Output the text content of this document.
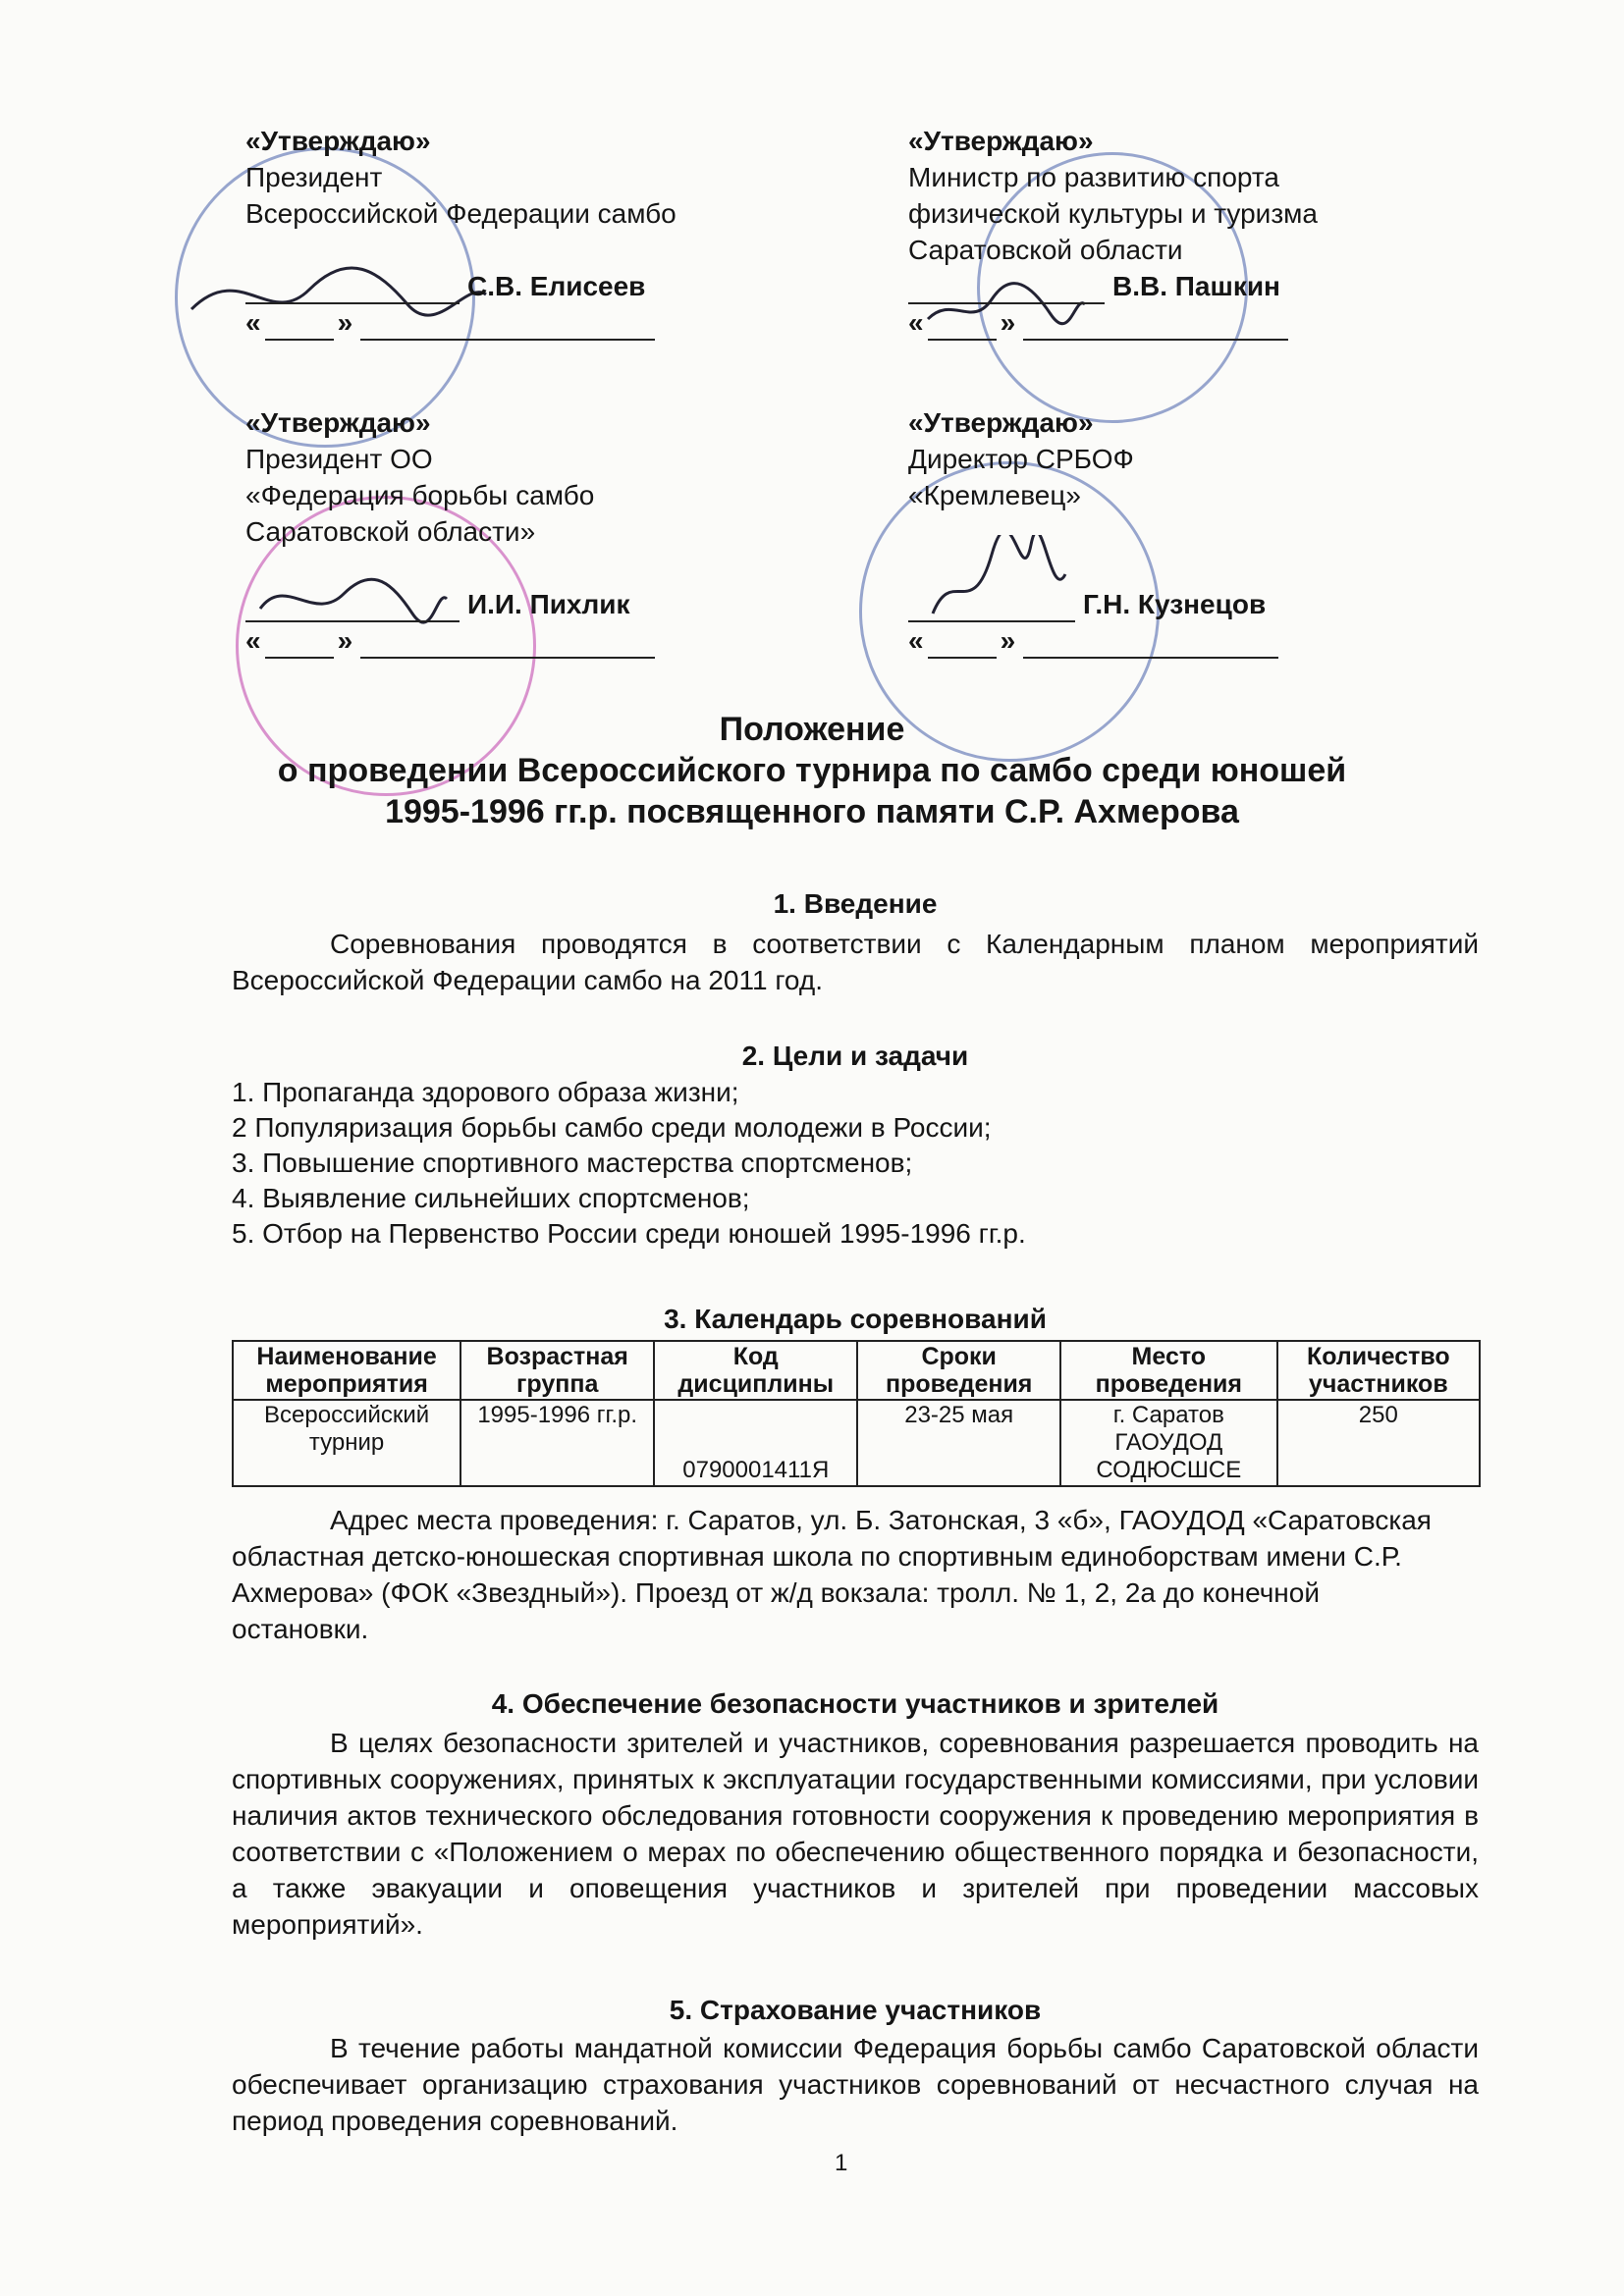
«Утверждаю»
Президент
Всероссийской Федерации самбо
С.В. Елисеев
«	»
«Утверждаю»
Министр по развитию спорта
физической культуры и туризма
Саратовской области
В.В. Пашкин
«	»
«Утверждаю»
Президент ОО
«Федерация борьбы самбо
Саратовской области»
И.И. Пихлик
«	»
«Утверждаю»
Директор СРБОФ
«Кремлевец»
Г.Н. Кузнецов
«	»
Положение
о проведении Всероссийского турнира по самбо среди юношей
1995-1996 гг.р. посвященного памяти С.Р. Ахмерова
1. Введение
Соревнования проводятся в соответствии с Календарным планом мероприятий Всероссийской Федерации самбо на 2011 год.
2. Цели и задачи
1. Пропаганда здорового образа жизни;
2 Популяризация борьбы самбо среди молодежи в России;
3. Повышение спортивного мастерства спортсменов;
4. Выявление сильнейших спортсменов;
5. Отбор на Первенство России среди юношей 1995-1996 гг.р.
3. Календарь соревнований
Наименование мероприятия	Возрастная группа	Код дисциплины	Сроки проведения	Место проведения	Количество участников
Всероссийский турнир	1995-1996 гг.р.	0790001411Я	23-25 мая	г. Саратов ГАОУДОД СОДЮСШСЕ	250
Адрес места проведения: г. Саратов, ул. Б. Затонская, 3 «б», ГАОУДОД «Саратовская областная детско-юношеская спортивная школа по спортивным единоборствам имени С.Р. Ахмерова» (ФОК «Звездный»). Проезд от ж/д вокзала: тролл. № 1, 2, 2а до конечной остановки.
4. Обеспечение безопасности участников и зрителей
В целях безопасности зрителей и участников, соревнования разрешается проводить на спортивных сооружениях, принятых к эксплуатации государственными комиссиями, при условии наличия актов технического обследования готовности сооружения к проведению мероприятия в соответствии с «Положением о мерах по обеспечению общественного порядка и безопасности, а также эвакуации и оповещения участников и зрителей при проведении массовых мероприятий».
5. Страхование участников
В течение работы мандатной комиссии Федерация борьбы самбо Саратовской области обеспечивает организацию страхования участников соревнований от несчастного случая на период проведения соревнований.
1
